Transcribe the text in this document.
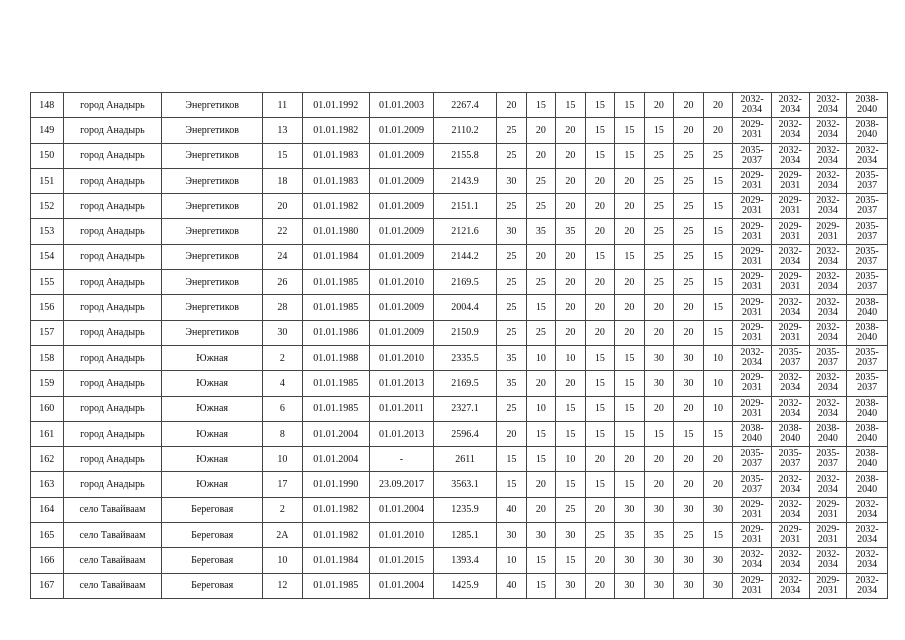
148	город Анадырь	Энергетиков	11	01.01.1992	01.01.2003	2267.4	20	15	15	15	15	20	20	20	2032-2034	2032-2034	2032-2034	2038-2040
149	город Анадырь	Энергетиков	13	01.01.1982	01.01.2009	2110.2	25	20	20	15	15	15	20	20	2029-2031	2032-2034	2032-2034	2038-2040
150	город Анадырь	Энергетиков	15	01.01.1983	01.01.2009	2155.8	25	20	20	15	15	25	25	25	2035-2037	2032-2034	2032-2034	2032-2034
151	город Анадырь	Энергетиков	18	01.01.1983	01.01.2009	2143.9	30	25	20	20	20	25	25	15	2029-2031	2029-2031	2032-2034	2035-2037
152	город Анадырь	Энергетиков	20	01.01.1982	01.01.2009	2151.1	25	25	20	20	20	25	25	15	2029-2031	2029-2031	2032-2034	2035-2037
153	город Анадырь	Энергетиков	22	01.01.1980	01.01.2009	2121.6	30	35	35	20	20	25	25	15	2029-2031	2029-2031	2029-2031	2035-2037
154	город Анадырь	Энергетиков	24	01.01.1984	01.01.2009	2144.2	25	20	20	15	15	25	25	15	2029-2031	2032-2034	2032-2034	2035-2037
155	город Анадырь	Энергетиков	26	01.01.1985	01.01.2010	2169.5	25	25	20	20	20	25	25	15	2029-2031	2029-2031	2032-2034	2035-2037
156	город Анадырь	Энергетиков	28	01.01.1985	01.01.2009	2004.4	25	15	20	20	20	20	20	15	2029-2031	2032-2034	2032-2034	2038-2040
157	город Анадырь	Энергетиков	30	01.01.1986	01.01.2009	2150.9	25	25	20	20	20	20	20	15	2029-2031	2029-2031	2032-2034	2038-2040
158	город Анадырь	Южная	2	01.01.1988	01.01.2010	2335.5	35	10	10	15	15	30	30	10	2032-2034	2035-2037	2035-2037	2035-2037
159	город Анадырь	Южная	4	01.01.1985	01.01.2013	2169.5	35	20	20	15	15	30	30	10	2029-2031	2032-2034	2032-2034	2035-2037
160	город Анадырь	Южная	6	01.01.1985	01.01.2011	2327.1	25	10	15	15	15	20	20	10	2029-2031	2032-2034	2032-2034	2038-2040
161	город Анадырь	Южная	8	01.01.2004	01.01.2013	2596.4	20	15	15	15	15	15	15	15	2038-2040	2038-2040	2038-2040	2038-2040
162	город Анадырь	Южная	10	01.01.2004	-	2611	15	15	10	20	20	20	20	20	2035-2037	2035-2037	2035-2037	2038-2040
163	город Анадырь	Южная	17	01.01.1990	23.09.2017	3563.1	15	20	15	15	15	20	20	20	2035-2037	2032-2034	2032-2034	2038-2040
164	село Тавайваам	Береговая	2	01.01.1982	01.01.2004	1235.9	40	20	25	20	30	30	30	30	2029-2031	2032-2034	2029-2031	2032-2034
165	село Тавайваам	Береговая	2А	01.01.1982	01.01.2010	1285.1	30	30	30	25	35	35	25	15	2029-2031	2029-2031	2029-2031	2032-2034
166	село Тавайваам	Береговая	10	01.01.1984	01.01.2015	1393.4	10	15	15	20	30	30	30	30	2032-2034	2032-2034	2032-2034	2032-2034
167	село Тавайваам	Береговая	12	01.01.1985	01.01.2004	1425.9	40	15	30	20	30	30	30	30	2029-2031	2032-2034	2029-2031	2032-2034
